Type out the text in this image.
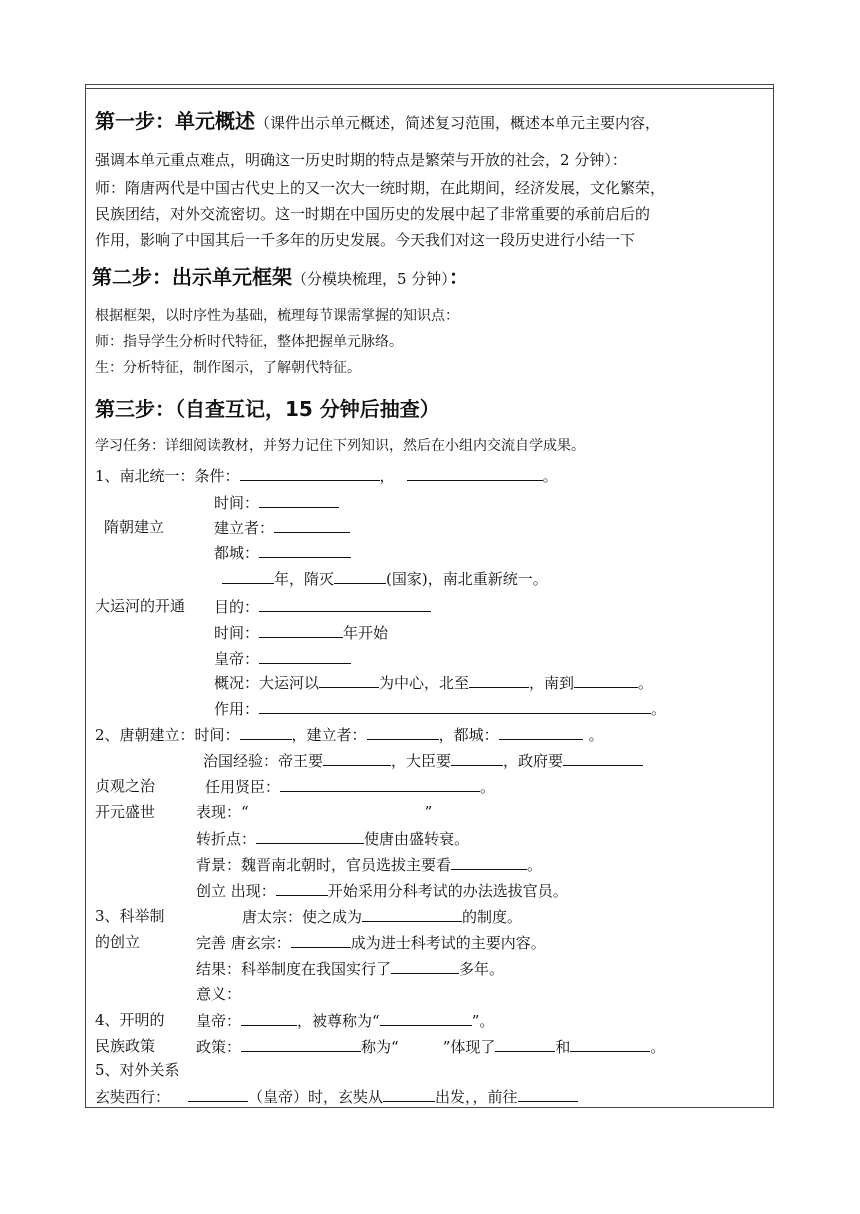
第一步：单元概述（课件出示单元概述，简述复习范围，概述本单元主要内容，
强调本单元重点难点，明确这一历史时期的特点是繁荣与开放的社会，2 分钟）：
师：隋唐两代是中国古代史上的又一次大一统时期，在此期间，经济发展，文化繁荣，
民族团结，对外交流密切。这一时期在中国历史的发展中起了非常重要的承前启后的
作用，影响了中国其后一千多年的历史发展。今天我们对这一段历史进行小结一下
第二步：出示单元框架（分模块梳理，5 分钟）：
根据框架，以时序性为基础，梳理每节课需掌握的知识点：
师：指导学生分析时代特征，整体把握单元脉络。
生：分析特征，制作图示，了解朝代特征。
第三步：（自查互记，15 分钟后抽查）
学习任务：详细阅读教材，并努力记住下列知识，然后在小组内交流自学成果。
1、南北统一：条件：	，	。
时间：
隋朝建立	建立者：
都城：
年，隋灭	(国家)，南北重新统一。
大运河的开通 目的：
时间：	年开始
皇帝：
概况：大运河以	为中心，北至	，南到	。
作用：	。
2、唐朝建立：时间：	，建立者：	，都城：	。
治国经验：帝王要	，大臣要	，政府要
贞观之治	任用贤臣：	。
开元盛世	表现：“	”
转折点：	使唐由盛转衰。
背景：魏晋南北朝时，官员选拔主要看	。
创立 出现：	开始采用分科考试的办法选拔官员。
3、科举制	唐太宗：使之成为	的制度。
的创立	完善 唐玄宗：	成为进士科考试的主要内容。
结果：科举制度在我国实行了	多年。
意义：
4、开明的 皇帝：	，被尊称为“	”。
民族政策	政策：	称为“	”体现了	和	。
5、对外关系
玄奘西行：	（皇帝）时，玄奘从	出发，，前往
